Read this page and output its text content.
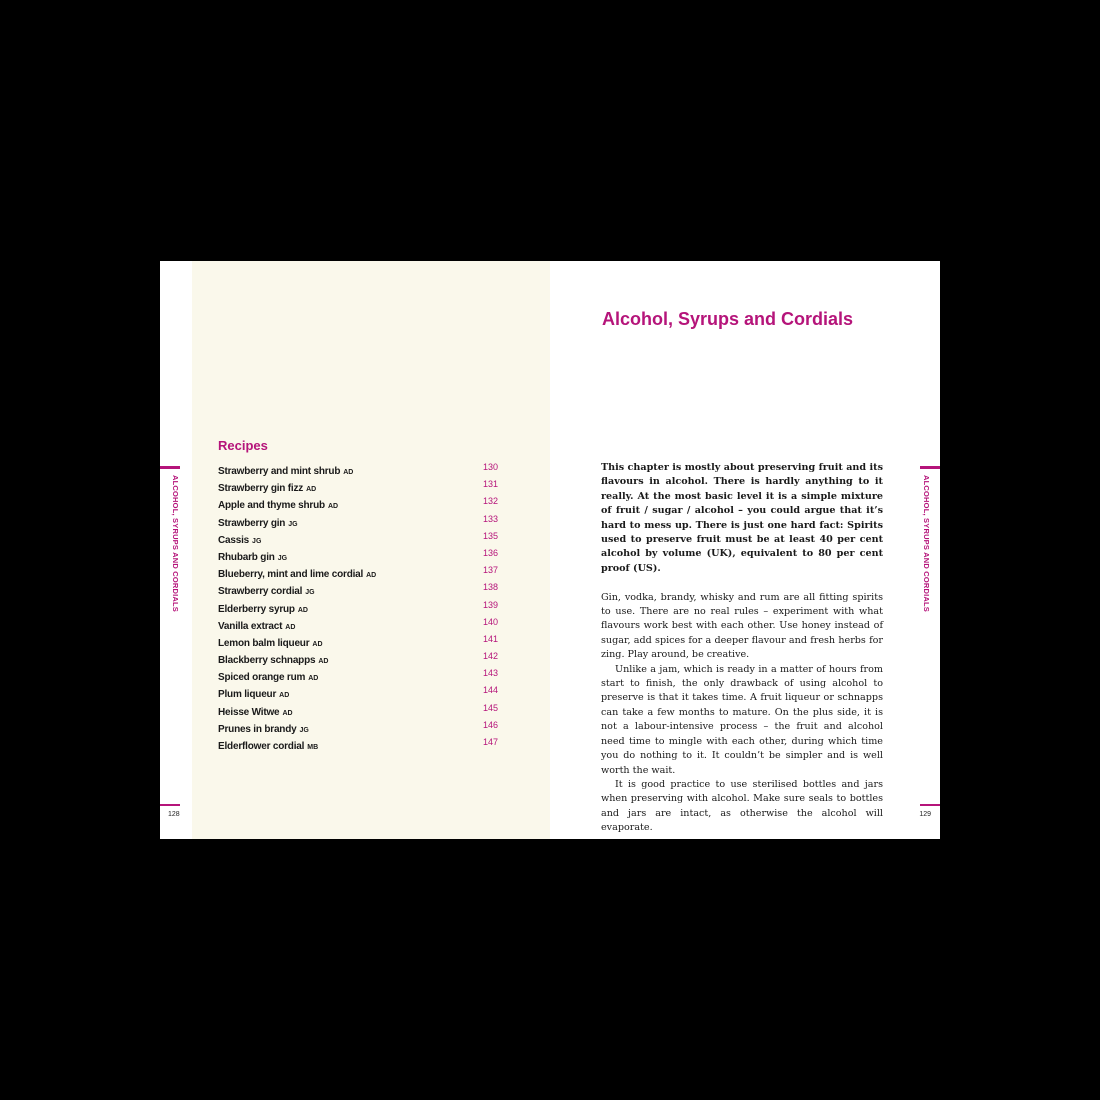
ALCOHOL, SYRUPS AND CORDIALS
128
Recipes
Strawberry and mint shrub AD
130
Strawberry gin fizz AD
131
Apple and thyme shrub AD
132
Strawberry gin JG
133
Cassis JG
135
Rhubarb gin JG
136
Blueberry, mint and lime cordial AD
137
Strawberry cordial JG
138
Elderberry syrup AD
139
Vanilla extract AD
140
Lemon balm liqueur AD
141
Blackberry schnapps AD
142
Spiced orange rum AD
143
Plum liqueur AD
144
Heisse Witwe AD
145
Prunes in brandy JG
146
Elderflower cordial MB
147
Alcohol, Syrups and Cordials

This chapter is mostly about preserving fruit and its flavours in alcohol. There is hardly anything to it really. At the most basic level it is a simple mixture of fruit / sugar / alcohol – you could argue that it’s hard to mess up. There is just one hard fact: Spirits used to preserve fruit must be at least 40 per cent alcohol by volume (UK), equivalent to 80 per cent proof (US).

Gin, vodka, brandy, whisky and rum are all fitting spirits to use. There are no real rules – experiment with what flavours work best with each other. Use honey instead of sugar, add spices for a deeper flavour and fresh herbs for zing. Play around, be creative.

Unlike a jam, which is ready in a matter of hours from start to finish, the only drawback of using alcohol to preserve is that it takes time. A fruit liqueur or schnapps can take a few months to mature. On the plus side, it is not a labour-intensive process – the fruit and alcohol need time to mingle with each other, during which time you do nothing to it. It couldn’t be simpler and is well worth the wait.

It is good practice to use sterilised bottles and jars when preserving with alcohol. Make sure seals to bottles and jars are intact, as otherwise the alcohol will evaporate.

ALCOHOL, SYRUPS AND CORDIALS
129
